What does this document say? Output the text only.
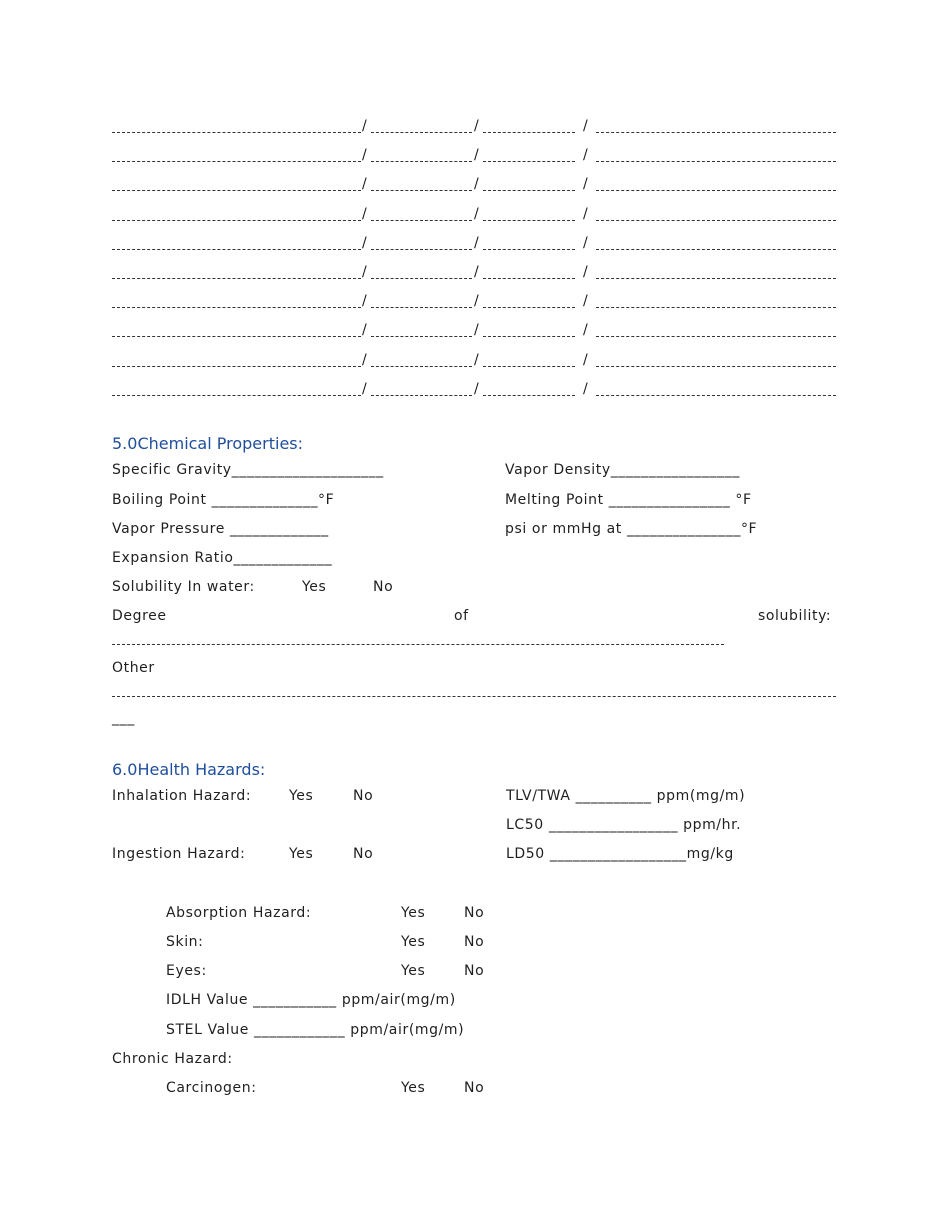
/	/	/
/	/	/
/	/	/
/	/	/
/	/	/
/	/	/
/	/	/
/	/	/
/	/	/
/	/	/
5.0Chemical Properties:
Specific Gravity____________________	Vapor Density_________________
Boiling Point ______________°F	Melting Point ________________ °F
Vapor Pressure _____________	psi or mmHg at _______________°F
Expansion Ratio_____________
Solubility In water:	Yes	No
Degree	of	solubility:
Other
___
6.0Health Hazards:
Inhalation Hazard:	Yes	No	TLV/TWA __________ ppm(mg/m)
LC50 _________________ ppm/hr.
Ingestion Hazard:	Yes	No	LD50 __________________mg/kg
Absorption Hazard:	Yes	No
Skin:	Yes	No
Eyes:	Yes	No
IDLH Value ___________ ppm/air(mg/m)
STEL Value ____________ ppm/air(mg/m)
Chronic Hazard:
Carcinogen:	Yes	No
